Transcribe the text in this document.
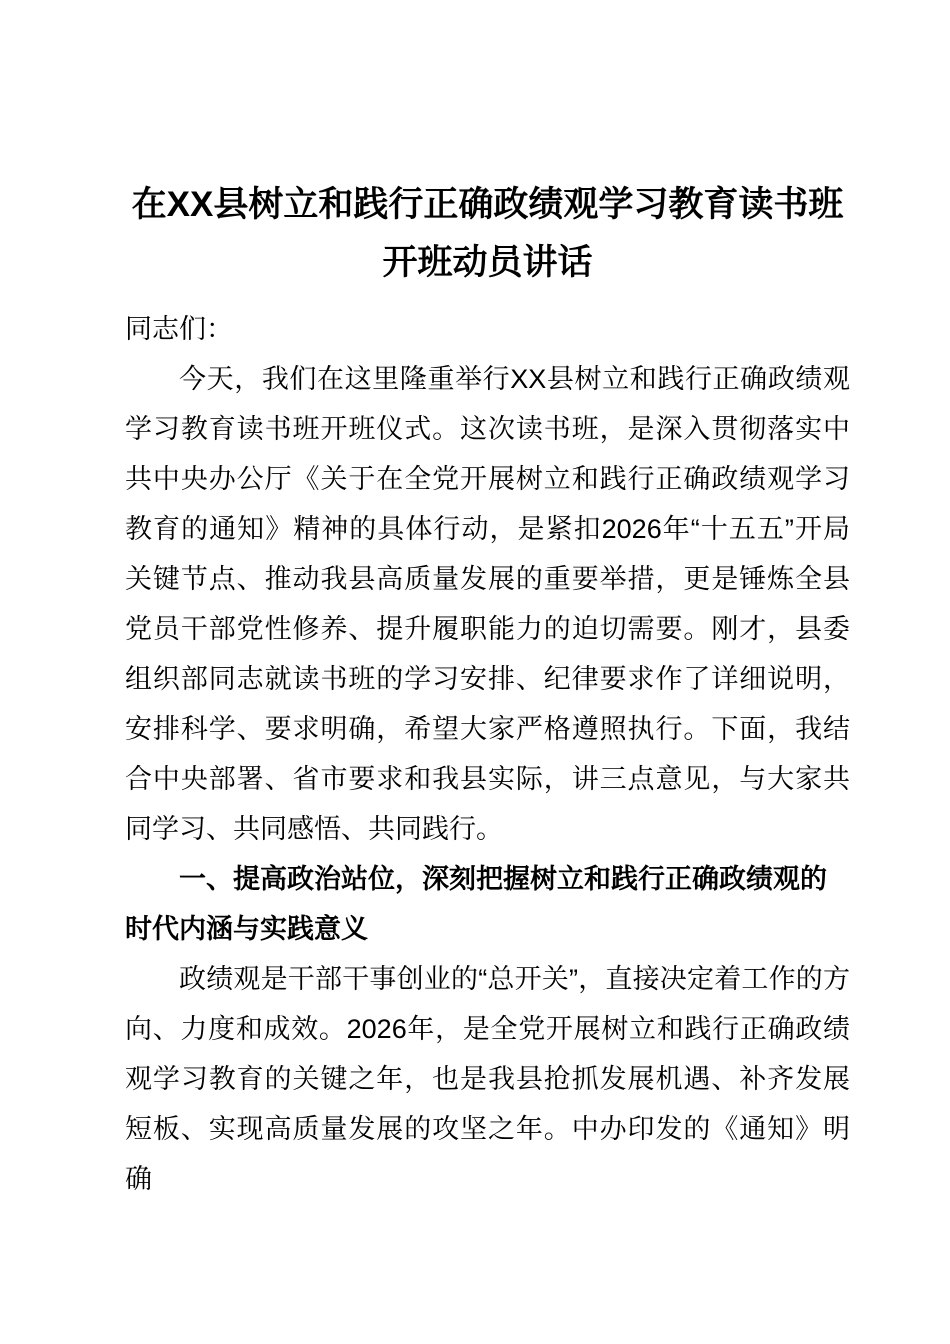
在XX县树立和践行正确政绩观学习教育读书班开班动员讲话

同志们：

今天，我们在这里隆重举行XX县树立和践行正确政绩观学习教育读书班开班仪式。这次读书班，是深入贯彻落实中共中央办公厅《关于在全党开展树立和践行正确政绩观学习教育的通知》精神的具体行动，是紧扣2026年“十五五”开局关键节点、推动我县高质量发展的重要举措，更是锤炼全县党员干部党性修养、提升履职能力的迫切需要。刚才，县委组织部同志就读书班的学习安排、纪律要求作了详细说明，安排科学、要求明确，希望大家严格遵照执行。下面，我结合中央部署、省市要求和我县实际，讲三点意见，与大家共同学习、共同感悟、共同践行。

一、提高政治站位，深刻把握树立和践行正确政绩观的时代内涵与实践意义

政绩观是干部干事创业的“总开关”，直接决定着工作的方向、力度和成效。2026年，是全党开展树立和践行正确政绩观学习教育的关键之年，也是我县抢抓发展机遇、补齐发展短板、实现高质量发展的攻坚之年。中办印发的《通知》明确
